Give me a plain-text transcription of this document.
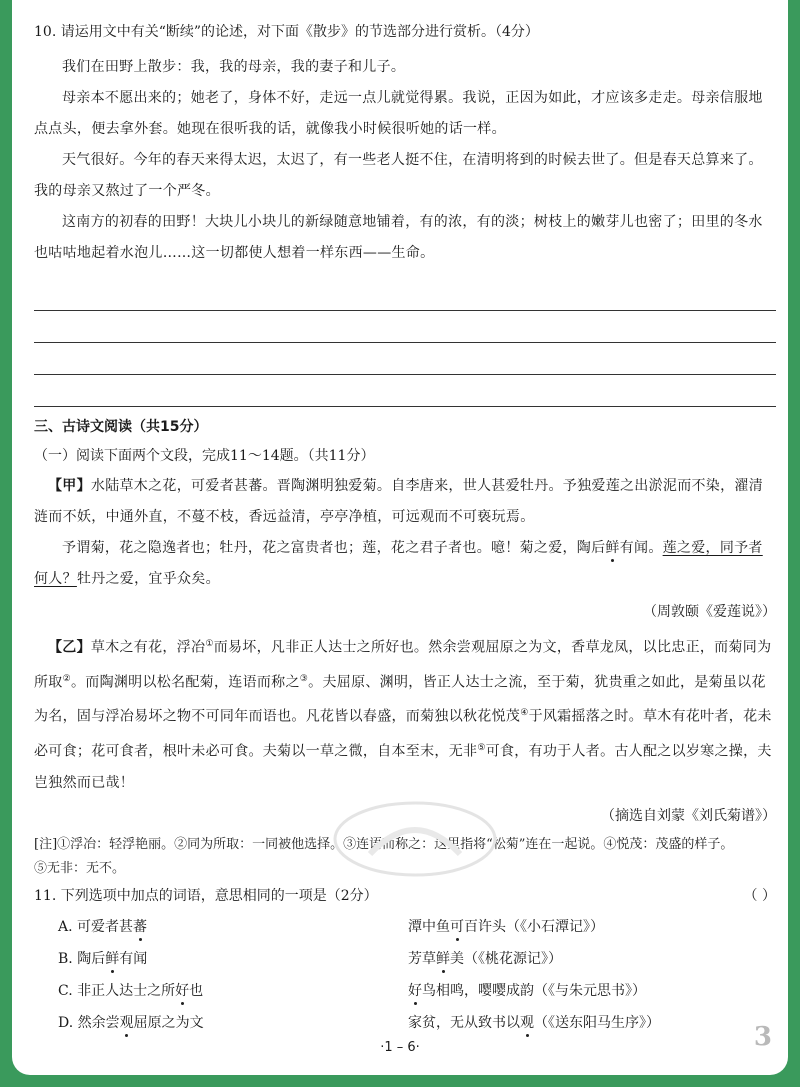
10. 请运用文中有关“断续”的论述，对下面《散步》的节选部分进行赏析。（4分）

我们在田野上散步：我，我的母亲，我的妻子和儿子。

母亲本不愿出来的；她老了，身体不好，走远一点儿就觉得累。我说，正因为如此，才应该多走走。母亲信服地点点头，便去拿外套。她现在很听我的话，就像我小时候很听她的话一样。

天气很好。今年的春天来得太迟，太迟了，有一些老人挺不住，在清明将到的时候去世了。但是春天总算来了。我的母亲又熬过了一个严冬。

这南方的初春的田野！大块儿小块儿的新绿随意地铺着，有的浓，有的淡；树枝上的嫩芽儿也密了；田里的冬水也咕咕地起着水泡儿……这一切都使人想着一样东西——生命。

三、古诗文阅读（共15分）
（一）阅读下面两个文段，完成11～14题。（共11分）

【甲】水陆草木之花，可爱者甚蕃。晋陶渊明独爱菊。自李唐来，世人甚爱牡丹。予独爱莲之出淤泥而不染，濯清涟而不妖，中通外直，不蔓不枝，香远益清，亭亭净植，可远观而不可亵玩焉。

予谓菊，花之隐逸者也；牡丹，花之富贵者也；莲，花之君子者也。噫！菊之爱，陶后鲜有闻。莲之爱，同予者何人？牡丹之爱，宜乎众矣。

（周敦颐《爱莲说》）

【乙】草木之有花，浮冶①而易坏，凡非正人达士之所好也。然余尝观屈原之为文，香草龙凤，以比忠正，而菊同为所取②。而陶渊明以松名配菊，连语而称之③。夫屈原、渊明，皆正人达士之流，至于菊，犹贵重之如此，是菊虽以花为名，固与浮冶易坏之物不可同年而语也。凡花皆以春盛，而菊独以秋花悦茂④于风霜摇落之时。草木有花叶者，花未必可食；花可食者，根叶未必可食。夫菊以一草之微，自本至末，无非⑤可食，有功于人者。古人配之以岁寒之操，夫岂独然而已哉！

（摘选自刘蒙《刘氏菊谱》）

[注]①浮冶：轻浮艳丽。②同为所取：一同被他选择。③连语而称之：这里指将“松菊”连在一起说。④悦茂：茂盛的样子。

⑤无非：无不。

11. 下列选项中加点的词语，意思相同的一项是（2分）	（ ）
A. 可爱者甚蕃	潭中鱼可百许头（《小石潭记》）
B. 陶后鲜有闻	芳草鲜美（《桃花源记》）
C. 非正人达士之所好也	好鸟相鸣，嘤嘤成韵（《与朱元思书》）
D. 然余尝观屈原之为文	家贫，无从致书以观（《送东阳马生序》）
·1 – 6·	3
